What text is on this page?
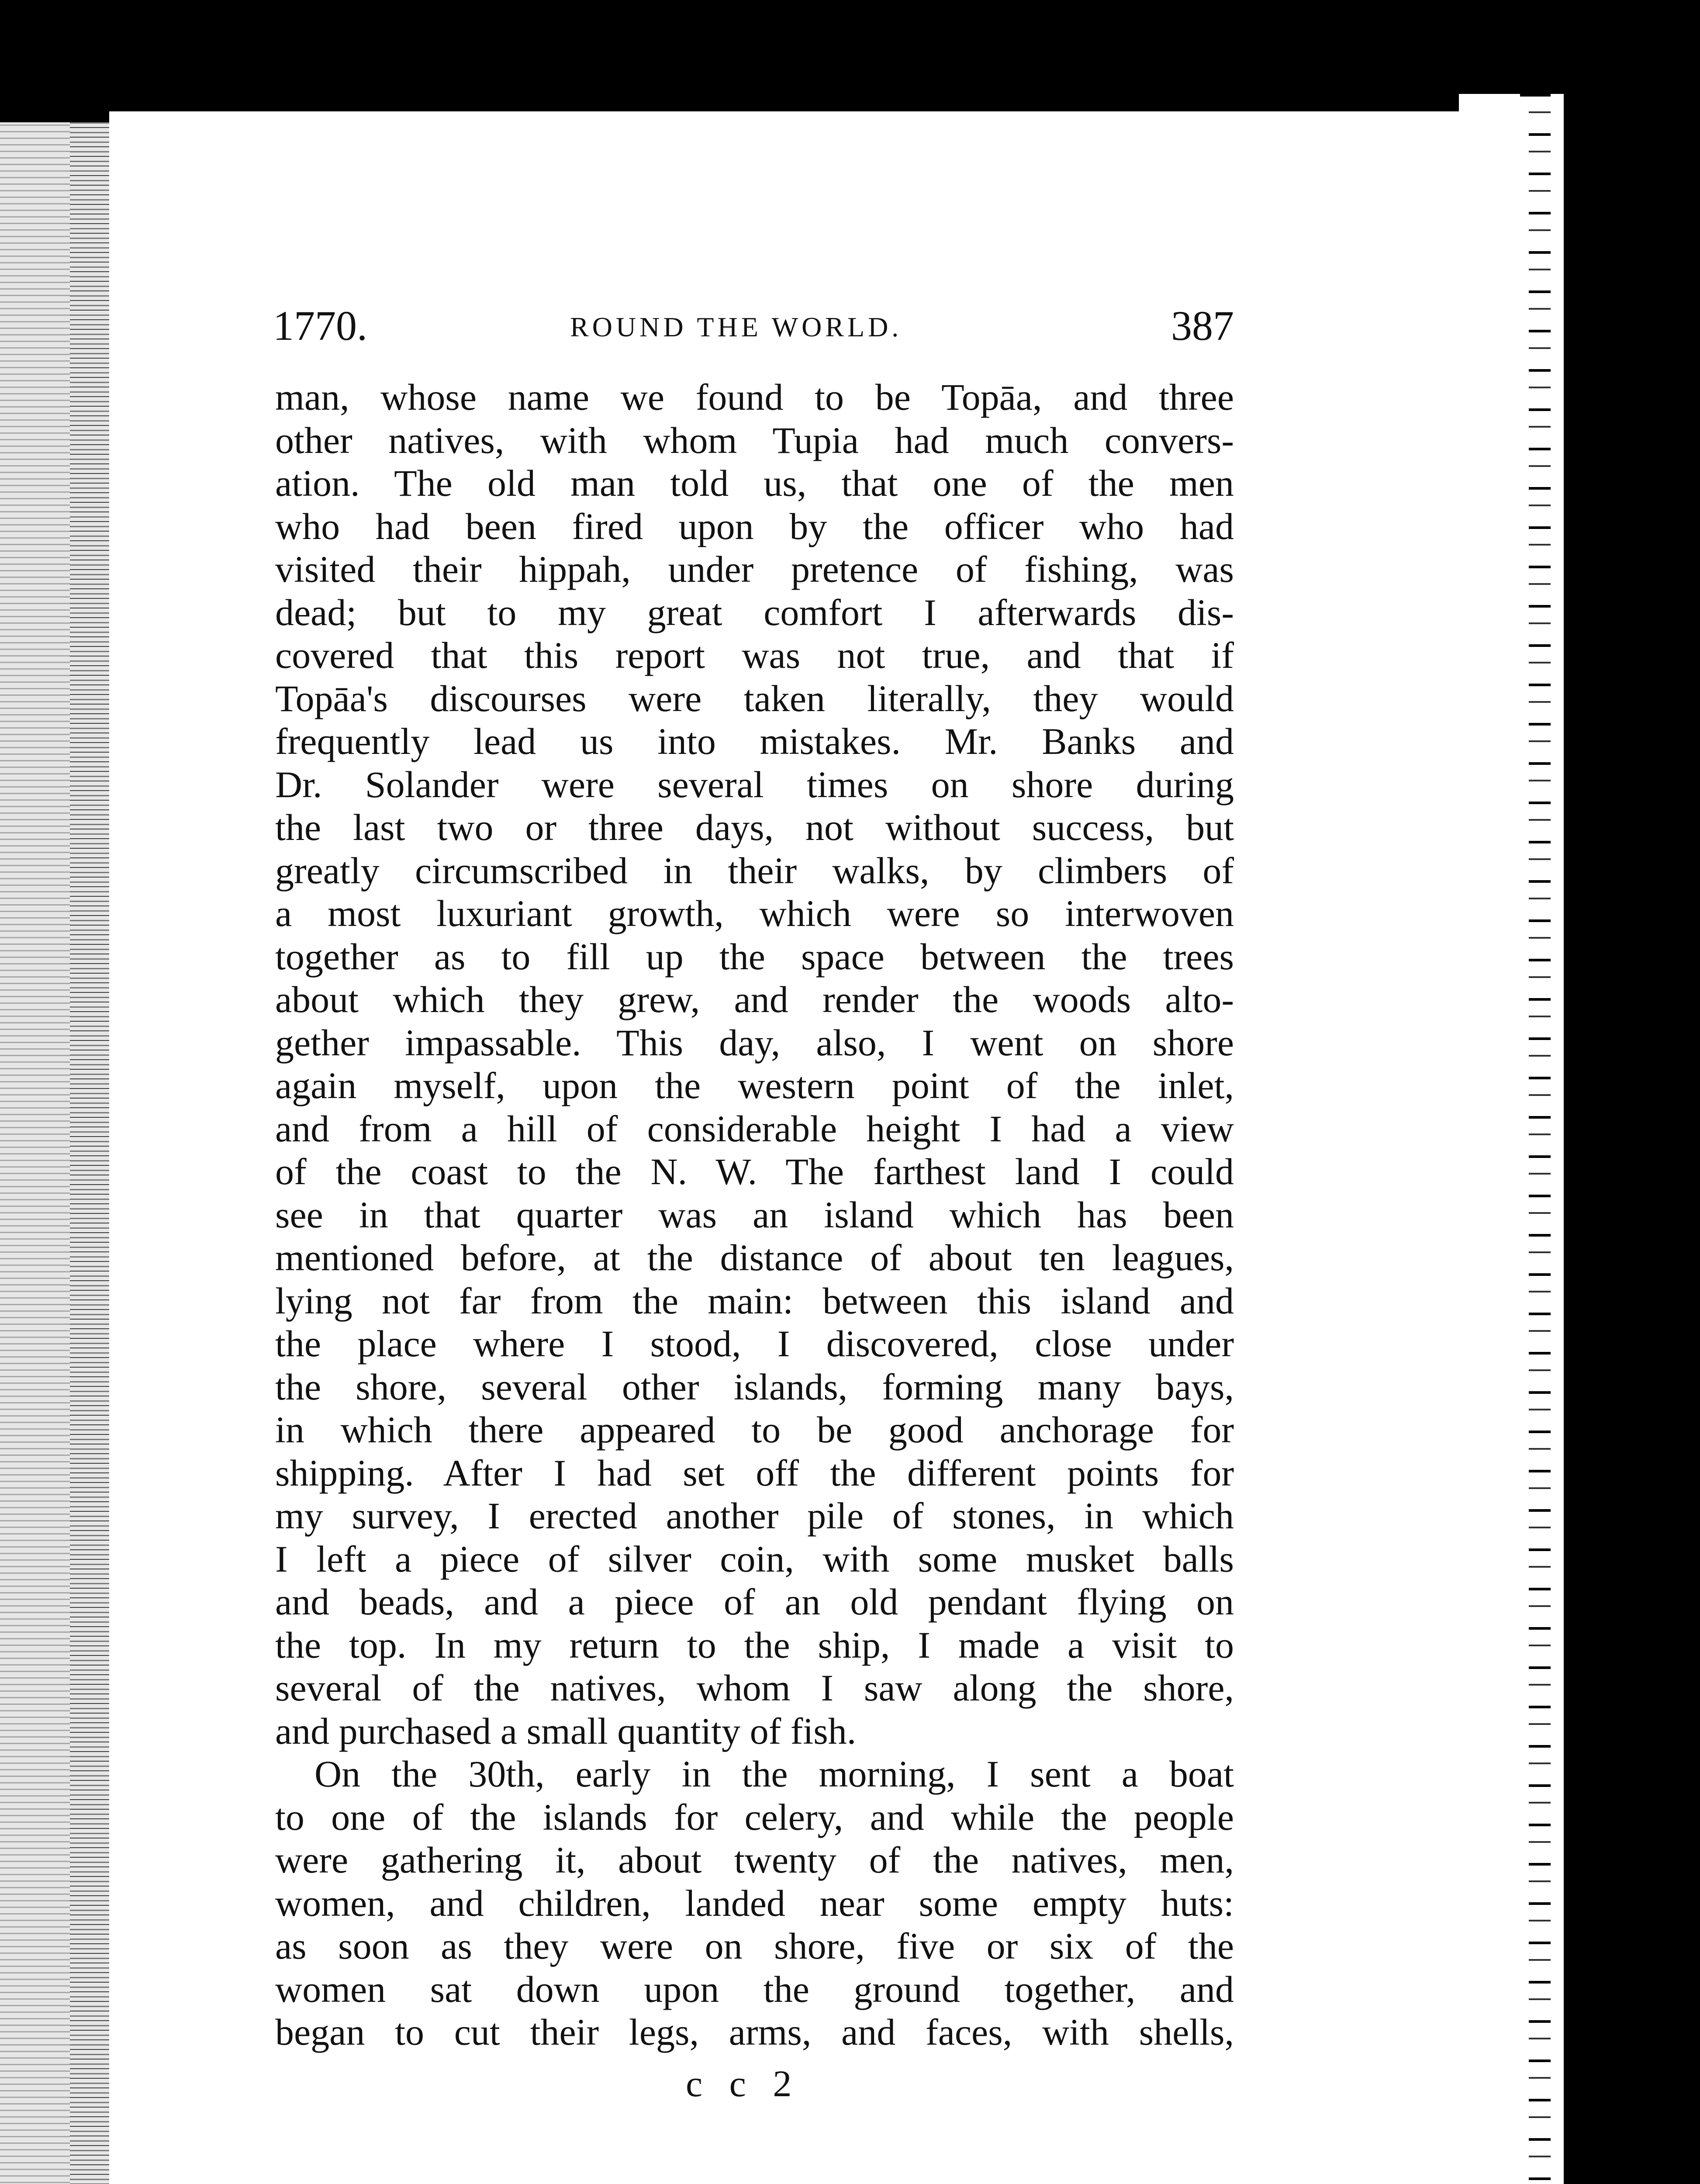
1770.	ROUND THE WORLD.	387
man, whose name we found to be Topāa, and three
other natives, with whom Tupia had much convers-
ation. The old man told us, that one of the men
who had been fired upon by the officer who had
visited their hippah, under pretence of fishing, was
dead; but to my great comfort I afterwards dis-
covered that this report was not true, and that if
Topāa's discourses were taken literally, they would
frequently lead us into mistakes. Mr. Banks and
Dr. Solander were several times on shore during
the last two or three days, not without success, but
greatly circumscribed in their walks, by climbers of
a most luxuriant growth, which were so interwoven
together as to fill up the space between the trees
about which they grew, and render the woods alto-
gether impassable. This day, also, I went on shore
again myself, upon the western point of the inlet,
and from a hill of considerable height I had a view
of the coast to the N. W. The farthest land I could
see in that quarter was an island which has been
mentioned before, at the distance of about ten leagues,
lying not far from the main: between this island and
the place where I stood, I discovered, close under
the shore, several other islands, forming many bays,
in which there appeared to be good anchorage for
shipping. After I had set off the different points for
my survey, I erected another pile of stones, in which
I left a piece of silver coin, with some musket balls
and beads, and a piece of an old pendant flying on
the top. In my return to the ship, I made a visit to
several of the natives, whom I saw along the shore,
and purchased a small quantity of fish.
On the 30th, early in the morning, I sent a boat
to one of the islands for celery, and while the people
were gathering it, about twenty of the natives, men,
women, and children, landed near some empty huts:
as soon as they were on shore, five or six of the
women sat down upon the ground together, and
began to cut their legs, arms, and faces, with shells,
c c 2
